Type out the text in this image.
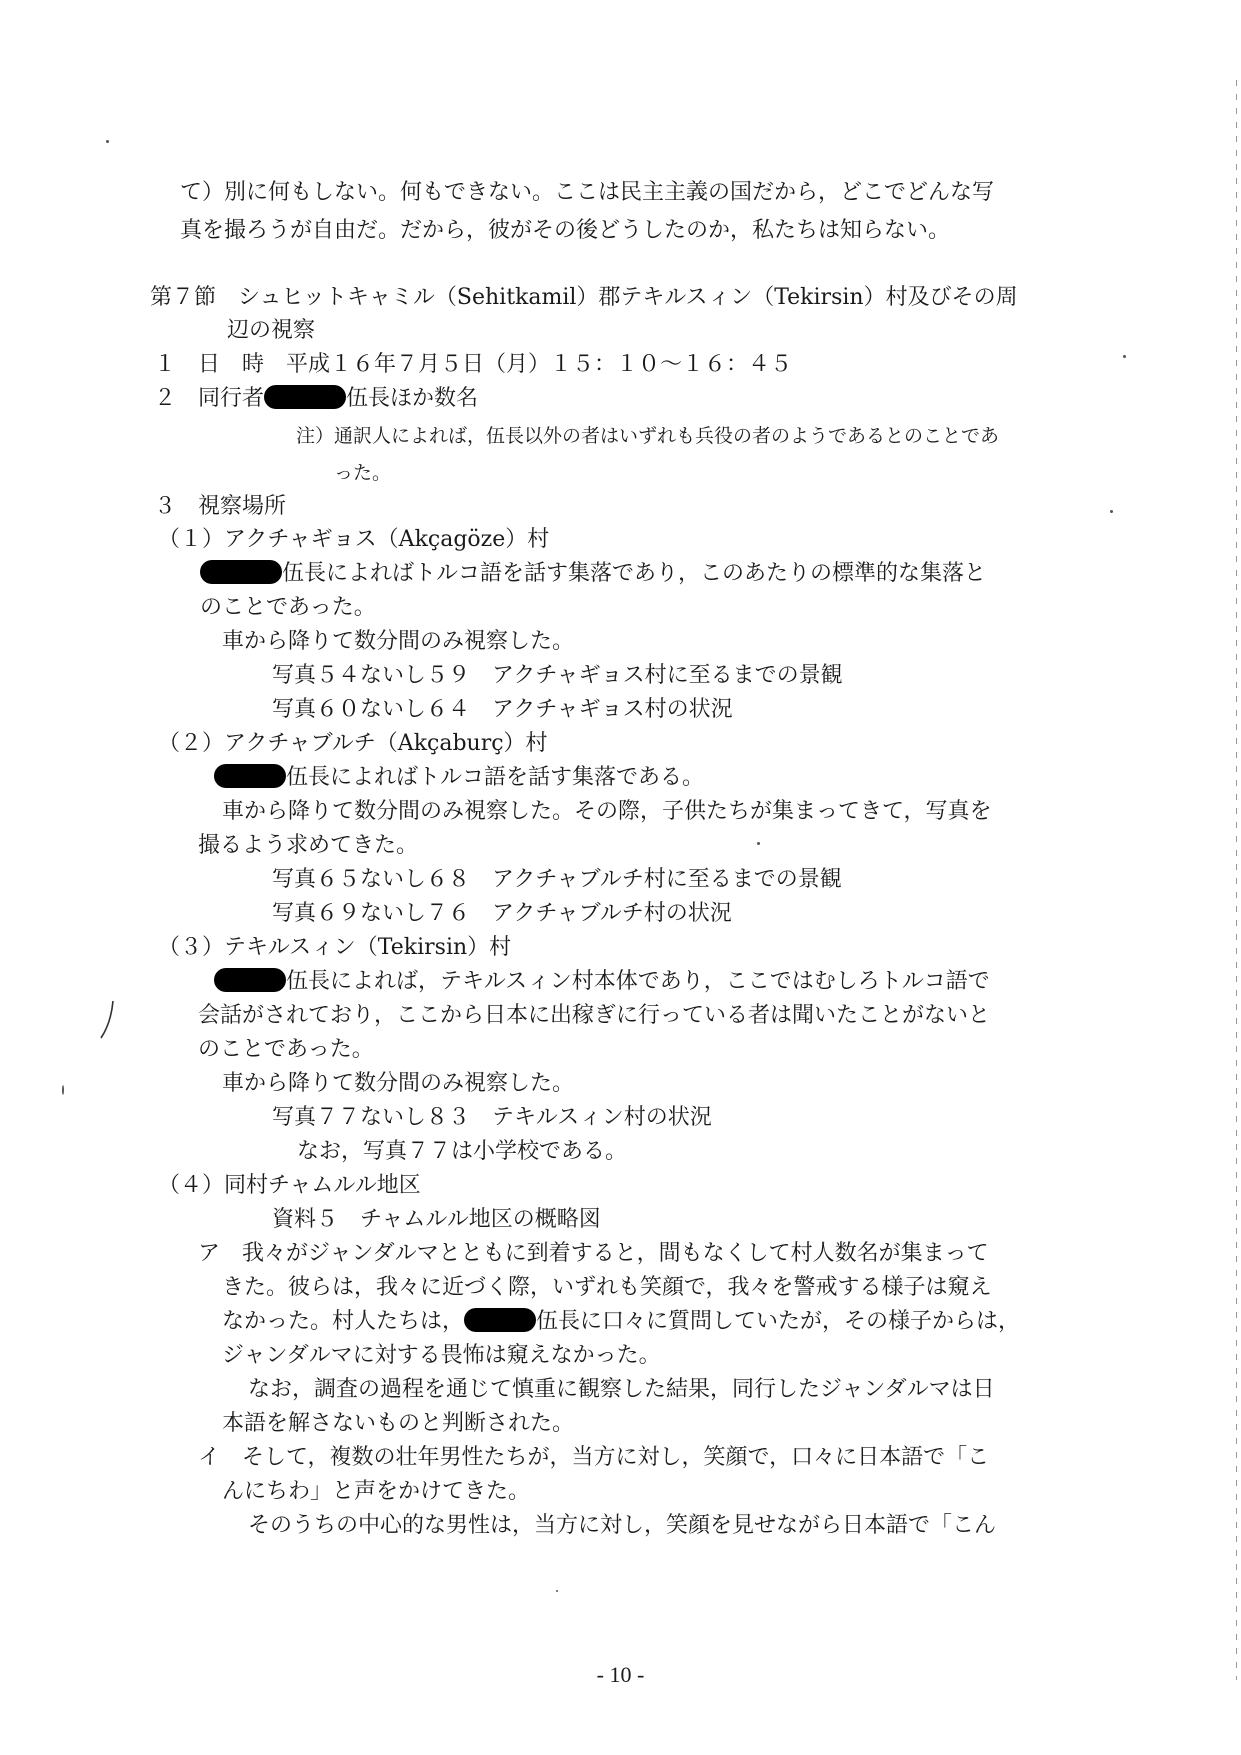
て）別に何もしない。何もできない。ここは民主主義の国だから，どこでどんな写
真を撮ろうが自由だ。だから，彼がその後どうしたのか，私たちは知らない。
第７節　シュヒットキャミル（Sehitkamil）郡テキルスィン（Tekirsin）村及びその周
辺の視察
１　日　時　平成１６年７月５日（月）１５：１０〜１６：４５
２　同行者	伍長ほか数名
注）通訳人によれば，伍長以外の者はいずれも兵役の者のようであるとのことであ
った。
３　視察場所
（１）アクチャギョス（Akçagöze）村
伍長によればトルコ語を話す集落であり，このあたりの標準的な集落と
のことであった。
車から降りて数分間のみ視察した。
写真５４ないし５９　アクチャギョス村に至るまでの景観
写真６０ないし６４　アクチャギョス村の状況
（２）アクチャブルチ（Akçaburç）村
伍長によればトルコ語を話す集落である。
車から降りて数分間のみ視察した。その際，子供たちが集まってきて，写真を
撮るよう求めてきた。
写真６５ないし６８　アクチャブルチ村に至るまでの景観
写真６９ないし７６　アクチャブルチ村の状況
（３）テキルスィン（Tekirsin）村
伍長によれば，テキルスィン村本体であり，ここではむしろトルコ語で
会話がされており，ここから日本に出稼ぎに行っている者は聞いたことがないと
のことであった。
車から降りて数分間のみ視察した。
写真７７ないし８３　テキルスィン村の状況
なお，写真７７は小学校である。
（４）同村チャムルル地区
資料５　チャムルル地区の概略図
ア　我々がジャンダルマとともに到着すると，間もなくして村人数名が集まって
きた。彼らは，我々に近づく際，いずれも笑顔で，我々を警戒する様子は窺え
なかった。村人たちは，	伍長に口々に質問していたが，その様子からは，
ジャンダルマに対する畏怖は窺えなかった。
なお，調査の過程を通じて慎重に観察した結果，同行したジャンダルマは日
本語を解さないものと判断された。
イ　そして，複数の壮年男性たちが，当方に対し，笑顔で，口々に日本語で「こ
んにちわ」と声をかけてきた。
そのうちの中心的な男性は，当方に対し，笑顔を見せながら日本語で「こん
- 10 -
